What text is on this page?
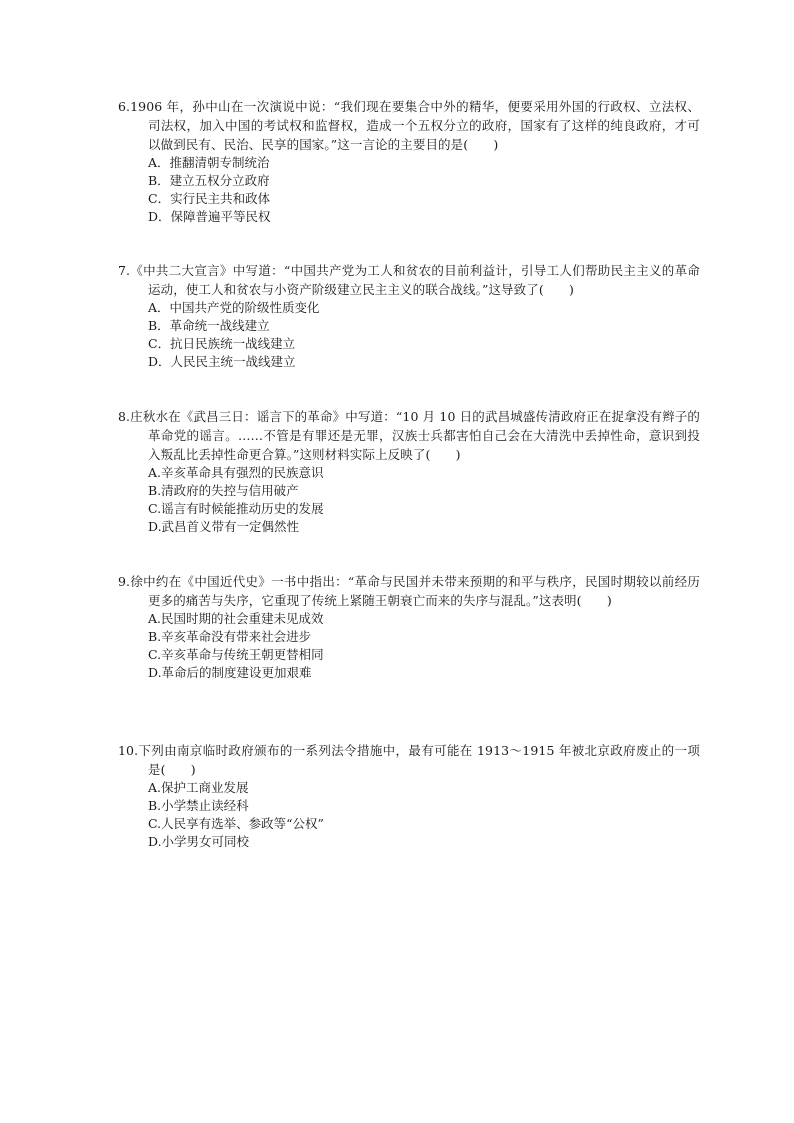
6.1906 年，孙中山在一次演说中说：“我们现在要集合中外的精华，便要采用外国的行政权、立法权、司法权，加入中国的考试权和监督权，造成一个五权分立的政府，国家有了这样的纯良政府，才可以做到民有、民治、民享的国家。”这一言论的主要目的是(　　)

A．推翻清朝专制统治
B．建立五权分立政府
C．实行民主共和政体
D．保障普遍平等民权

7.《中共二大宣言》中写道：“中国共产党为工人和贫农的目前利益计，引导工人们帮助民主主义的革命运动，使工人和贫农与小资产阶级建立民主主义的联合战线。”这导致了(　　)

A．中国共产党的阶级性质变化
B．革命统一战线建立
C．抗日民族统一战线建立
D．人民民主统一战线建立

8.庄秋水在《武昌三日：谣言下的革命》中写道：“10 月 10 日的武昌城盛传清政府正在捉拿没有辫子的革命党的谣言。……不管是有罪还是无罪，汉族士兵都害怕自己会在大清洗中丢掉性命，意识到投入叛乱比丢掉性命更合算。”这则材料实际上反映了(　　)

A.辛亥革命具有强烈的民族意识
B.清政府的失控与信用破产
C.谣言有时候能推动历史的发展
D.武昌首义带有一定偶然性

9.徐中约在《中国近代史》一书中指出：“革命与民国并未带来预期的和平与秩序，民国时期较以前经历更多的痛苦与失序，它重现了传统上紧随王朝衰亡而来的失序与混乱。”这表明(　　)

A.民国时期的社会重建未见成效
B.辛亥革命没有带来社会进步
C.辛亥革命与传统王朝更替相同
D.革命后的制度建设更加艰难

10.下列由南京临时政府颁布的一系列法令措施中，最有可能在 1913～1915 年被北京政府废止的一项是(　　)

A.保护工商业发展
B.小学禁止读经科
C.人民享有选举、参政等“公权”
D.小学男女可同校
